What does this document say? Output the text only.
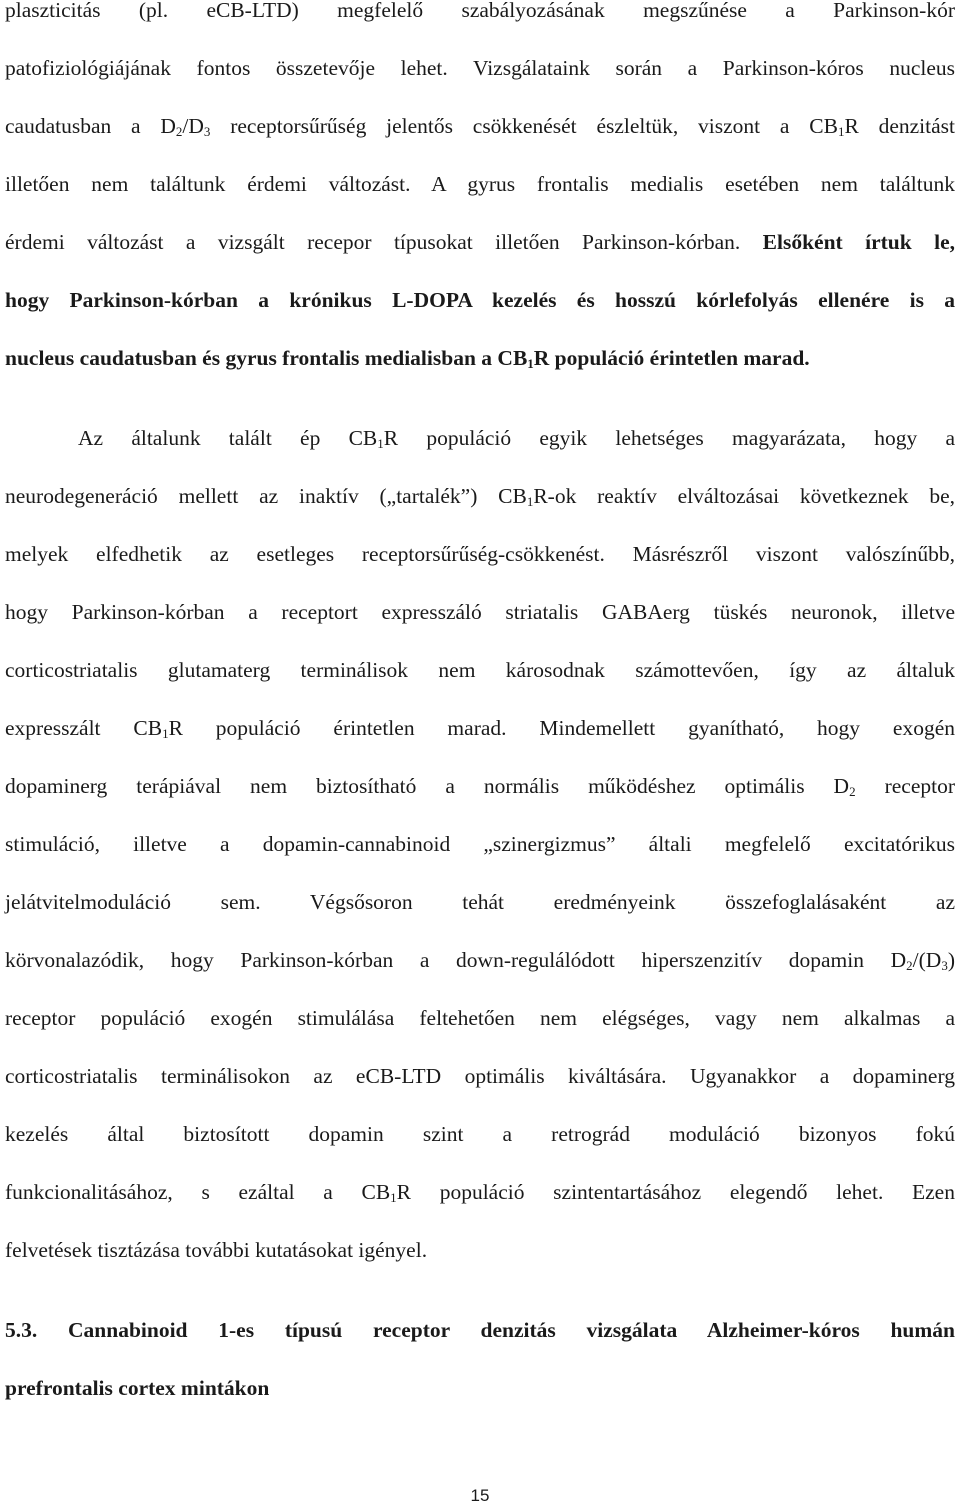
plaszticitás (pl. eCB-LTD) megfelelő szabályozásának megszűnése a Parkinson-kór
patofiziológiájának fontos összetevője lehet. Vizsgálataink során a Parkinson-kóros nucleus
caudatusban a $D_2/D_3$ receptorsűrűség jelentős csökkenését észleltük, viszont a $CB_1R$ denzitást
illetően nem találtunk érdemi változást. A gyrus frontalis medialis esetében nem találtunk
érdemi változást a vizsgált recepor típusokat illetően Parkinson-kórban. Elsőként írtuk le,
hogy Parkinson-kórban a krónikus L-DOPA kezelés és hosszú kórlefolyás ellenére is a
nucleus caudatusban és gyrus frontalis medialisban a $CB_1R$ populáció érintetlen marad.
Az általunk talált ép $CB_1R$ populáció egyik lehetséges magyarázata, hogy a
neurodegeneráció mellett az inaktív („tartalék”) $CB_1R-ok$ reaktív elváltozásai következnek be,
melyek elfedhetik az esetleges receptorsűrűség-csökkenést. Másrészről viszont valószínűbb,
hogy Parkinson-kórban a receptort expresszáló striatalis GABAerg tüskés neuronok, illetve
corticostriatalis glutamaterg terminálisok nem károsodnak számottevően, így az általuk
expresszált $CB_1R$ populáció érintetlen marad. Mindemellett gyanítható, hogy exogén
dopaminerg terápiával nem biztosítható a normális működéshez optimális $D_2$ receptor
stimuláció, illetve a dopamin-cannabinoid „szinergizmus” általi megfelelő excitatórikus
jelátvitelmoduláció sem. Végsősoron tehát eredményeink összefoglalásaként az
körvonalazódik, hogy Parkinson-kórban a down-regulálódott hiperszenzitív dopamin $D_2/(D_3)$
receptor populáció exogén stimulálása feltehetően nem elégséges, vagy nem alkalmas a
corticostriatalis terminálisokon az eCB-LTD optimális kiváltására. Ugyanakkor a dopaminerg
kezelés által biztosított dopamin szint a retrográd moduláció bizonyos fokú
funkcionalitásához, s ezáltal a $CB_1R$ populáció szintentartásához elegendő lehet. Ezen
felvetések tisztázása további kutatásokat igényel.
5.3. Cannabinoid 1-es típusú receptor denzitás vizsgálata Alzheimer-kóros humán
prefrontalis cortex mintákon
15
